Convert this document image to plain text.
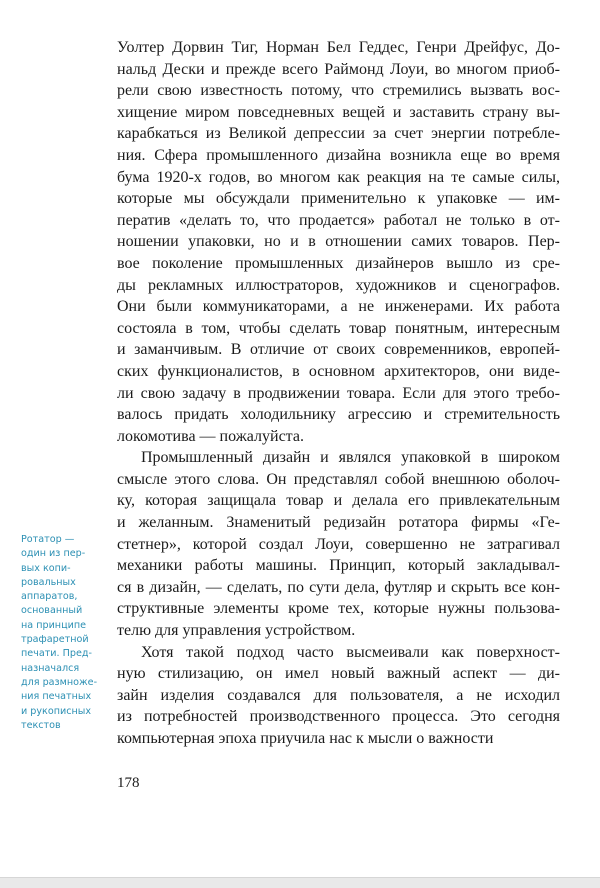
Уолтер Дорвин Тиг, Норман Бел Геддес, Генри Дрейфус, До-
нальд Дески и прежде всего Раймонд Лоуи, во многом приоб-
рели свою известность потому, что стремились вызвать вос-
хищение миром повседневных вещей и заставить страну вы-
карабкаться из Великой депрессии за счет энергии потребле-
ния. Сфера промышленного дизайна возникла еще во время
бума 1920-х годов, во многом как реакция на те самые силы,
которые мы обсуждали применительно к упаковке — им-
ператив «делать то, что продается» работал не только в от-
ношении упаковки, но и в отношении самих товаров. Пер-
вое поколение промышленных дизайнеров вышло из сре-
ды рекламных иллюстраторов, художников и сценографов.
Они были коммуникаторами, а не инженерами. Их работа
состояла в том, чтобы сделать товар понятным, интересным
и заманчивым. В отличие от своих современников, европей-
ских функционалистов, в основном архитекторов, они виде-
ли свою задачу в продвижении товара. Если для этого требо-
валось придать холодильнику агрессию и стремительность
локомотива — пожалуйста.
Промышленный дизайн и являлся упаковкой в широком
смысле этого слова. Он представлял собой внешнюю оболоч-
ку, которая защищала товар и делала его привлекательным
и желанным. Знаменитый редизайн ротатора фирмы «Ге-
стетнер», которой создал Лоуи, совершенно не затрагивал
механики работы машины. Принцип, который закладывал-
ся в дизайн, — сделать, по сути дела, футляр и скрыть все кон-
структивные элементы кроме тех, которые нужны пользова-
телю для управления устройством.
Хотя такой подход часто высмеивали как поверхност-
ную стилизацию, он имел новый важный аспект — ди-
зайн изделия создавался для пользователя, а не исходил
из потребностей производственного процесса. Это сегодня
компьютерная эпоха приучила нас к мысли о важности
Ротатор —
один из пер-
вых копи-
ровальных
аппаратов,
основанный
на принципе
трафаретной
печати. Пред-
назначался
для размноже-
ния печатных
и рукописных
текстов
178
